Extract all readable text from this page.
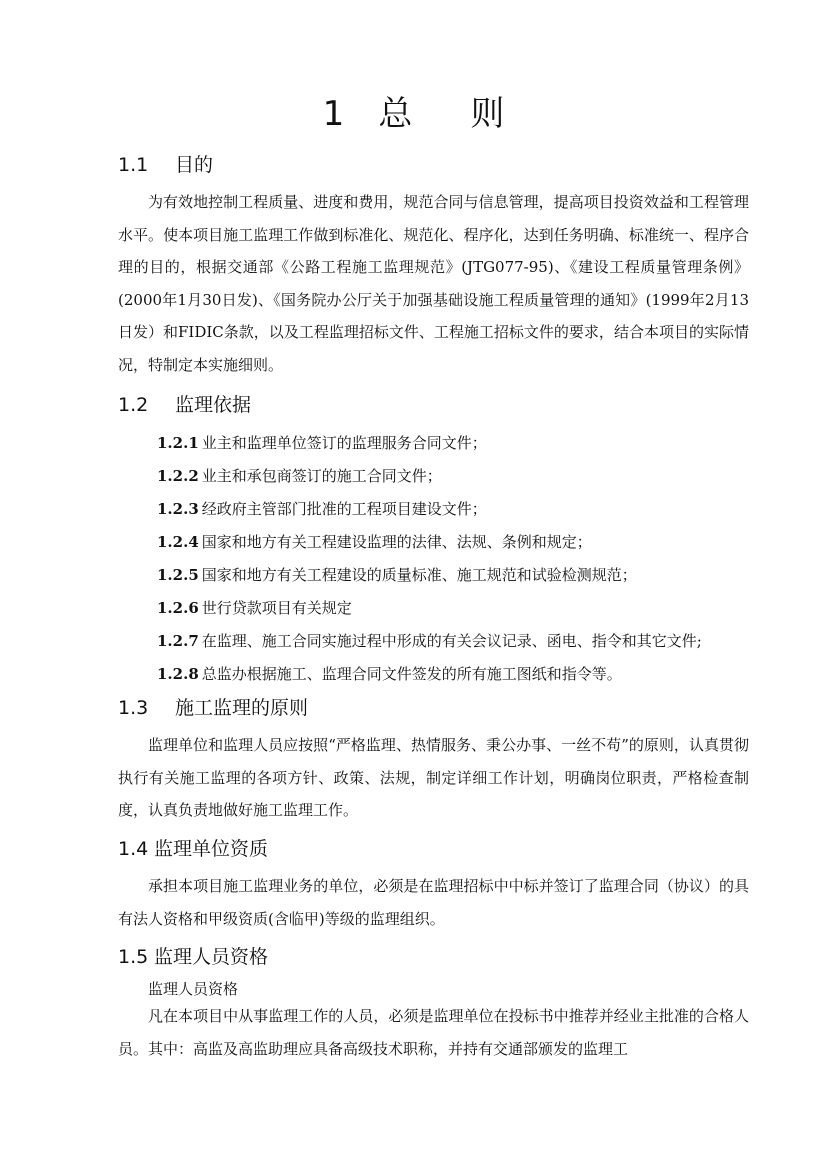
1 总 则
1.1 目的
为有效地控制工程质量、进度和费用，规范合同与信息管理，提高项目投资效益和工程管理水平。使本项目施工监理工作做到标准化、规范化、程序化，达到任务明确、标准统一、程序合理的目的，根据交通部《公路工程施工监理规范》(JTG077-95)、《建设工程质量管理条例》(2000年1月30日发)、《国务院办公厅关于加强基础设施工程质量管理的通知》(1999年2月13日发）和FIDIC条款，以及工程监理招标文件、工程施工招标文件的要求，结合本项目的实际情况，特制定本实施细则。
1.2 监理依据
1.2.1 业主和监理单位签订的监理服务合同文件；
1.2.2 业主和承包商签订的施工合同文件；
1.2.3 经政府主管部门批准的工程项目建设文件；
1.2.4 国家和地方有关工程建设监理的法律、法规、条例和规定；
1.2.5 国家和地方有关工程建设的质量标准、施工规范和试验检测规范；
1.2.6 世行贷款项目有关规定
1.2.7 在监理、施工合同实施过程中形成的有关会议记录、函电、指令和其它文件;
1.2.8 总监办根据施工、监理合同文件签发的所有施工图纸和指令等。
1.3 施工监理的原则
监理单位和监理人员应按照“严格监理、热情服务、秉公办事、一丝不苟”的原则，认真贯彻执行有关施工监理的各项方针、政策、法规，制定详细工作计划，明确岗位职责，严格检查制度，认真负责地做好施工监理工作。
1.4 监理单位资质
承担本项目施工监理业务的单位，必须是在监理招标中中标并签订了监理合同（协议）的具有法人资格和甲级资质(含临甲)等级的监理组织。
1.5 监理人员资格
监理人员资格
凡在本项目中从事监理工作的人员，必须是监理单位在投标书中推荐并经业主批准的合格人员。其中：高监及高监助理应具备高级技术职称，并持有交通部颁发的监理工
